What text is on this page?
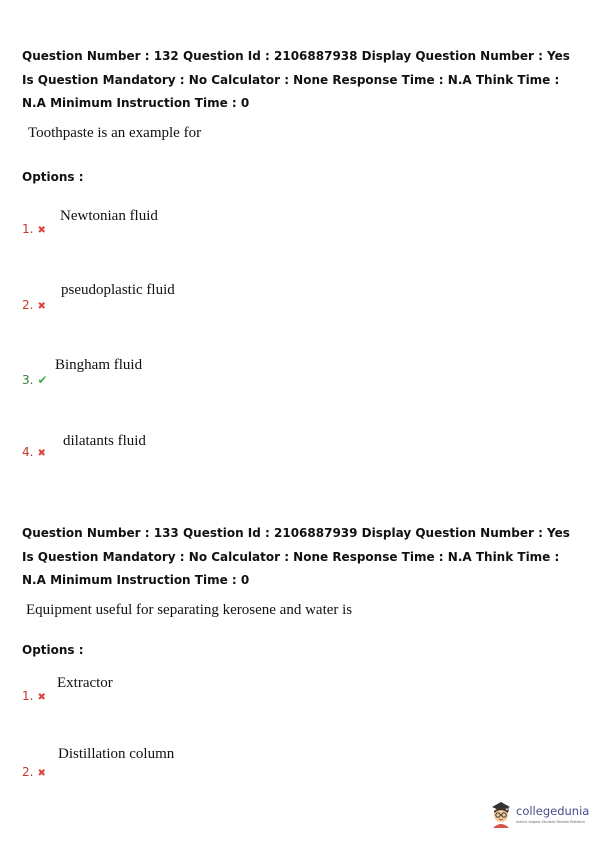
Question Number : 132 Question Id : 2106887938 Display Question Number : Yes Is Question Mandatory : No Calculator : None Response Time : N.A Think Time : N.A Minimum Instruction Time : 0
Toothpaste is an example for
Options :
1. ✖
Newtonian fluid
2. ✖
pseudoplastic fluid
3. ✔
Bingham fluid
4. ✖
dilatants fluid
Question Number : 133 Question Id : 2106887939 Display Question Number : Yes Is Question Mandatory : No Calculator : None Response Time : N.A Think Time : N.A Minimum Instruction Time : 0
Equipment useful for separating kerosene and water is
Options :
1. ✖
Extractor
2. ✖
Distillation column
collegedunia
India's largest Student Review Platform
